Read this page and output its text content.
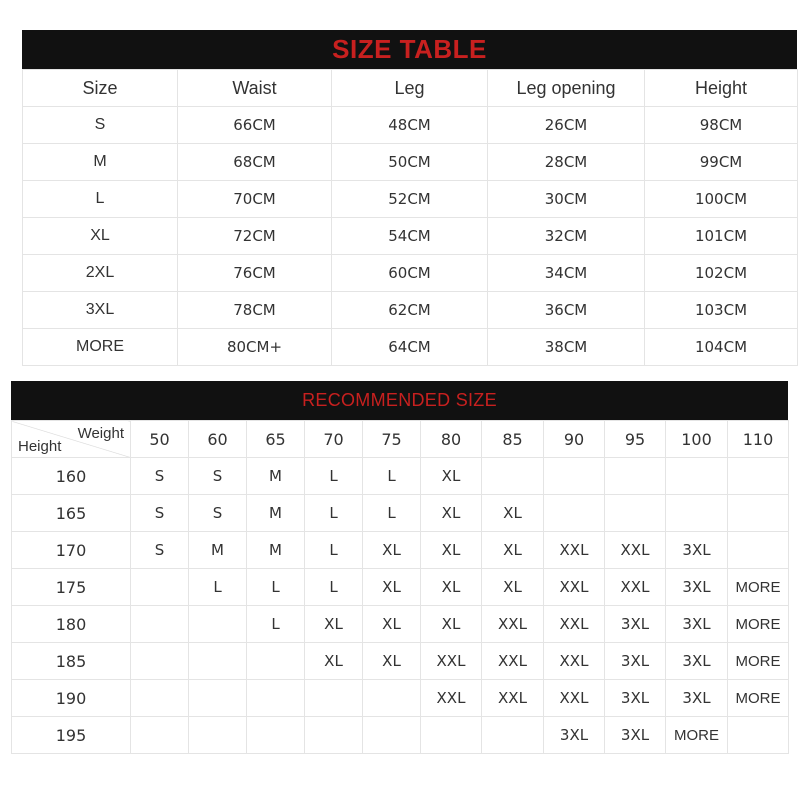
SIZE TABLE
Size	Waist	Leg	Leg opening	Height
S	66CM	48CM	26CM	98CM
M	68CM	50CM	28CM	99CM
L	70CM	52CM	30CM	100CM
XL	72CM	54CM	32CM	101CM
2XL	76CM	60CM	34CM	102CM
3XL	78CM	62CM	36CM	103CM
MORE	80CM+	64CM	38CM	104CM
RECOMMENDED SIZE
Weight
Height	50	60	65	70	75	80	85	90	95	100	110
160	S	S	M	L	L	XL					
165	S	S	M	L	L	XL	XL				
170	S	M	M	L	XL	XL	XL	XXL	XXL	3XL	
175		L	L	L	XL	XL	XL	XXL	XXL	3XL	MORE
180			L	XL	XL	XL	XXL	XXL	3XL	3XL	MORE
185				XL	XL	XXL	XXL	XXL	3XL	3XL	MORE
190						XXL	XXL	XXL	3XL	3XL	MORE
195								3XL	3XL	MORE	
